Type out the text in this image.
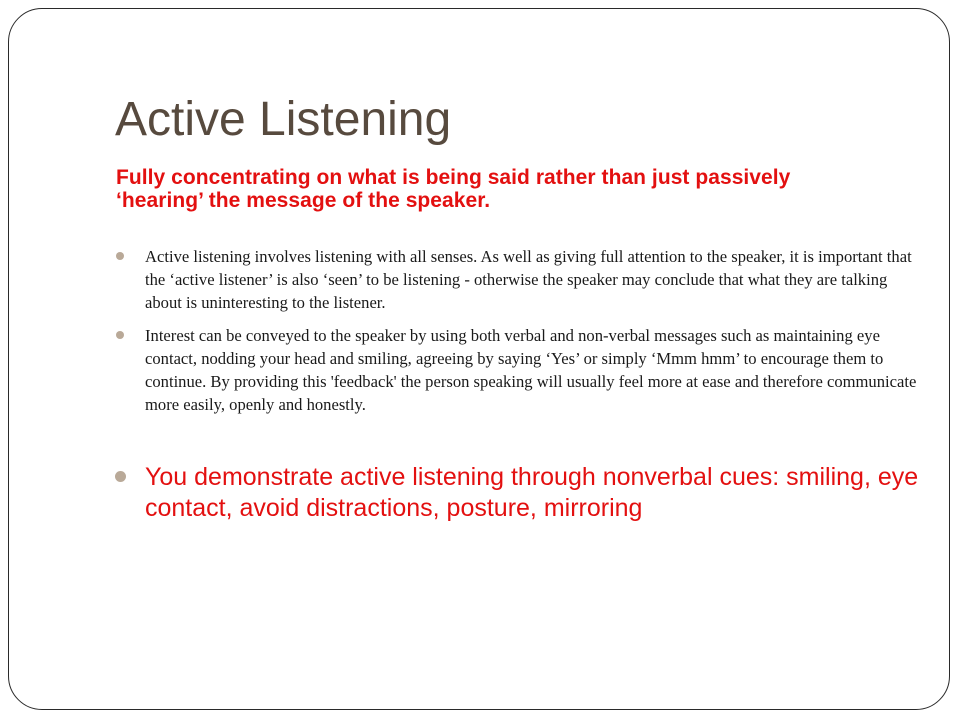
Active Listening

Fully concentrating on what is being said rather than just passively ‘hearing’ the message of the speaker.

Active listening involves listening with all senses. As well as giving full attention to the speaker, it is important that the ‘active listener’ is also ‘seen’ to be listening - otherwise the speaker may conclude that what they are talking about is uninteresting to the listener.
Interest can be conveyed to the speaker by using both verbal and non-verbal messages such as maintaining eye contact, nodding your head and smiling, agreeing by saying ‘Yes’ or simply ‘Mmm hmm’ to encourage them to continue. By providing this 'feedback' the person speaking will usually feel more at ease and therefore communicate more easily, openly and honestly.
You demonstrate active listening through nonverbal cues: smiling, eye contact, avoid distractions, posture, mirroring
